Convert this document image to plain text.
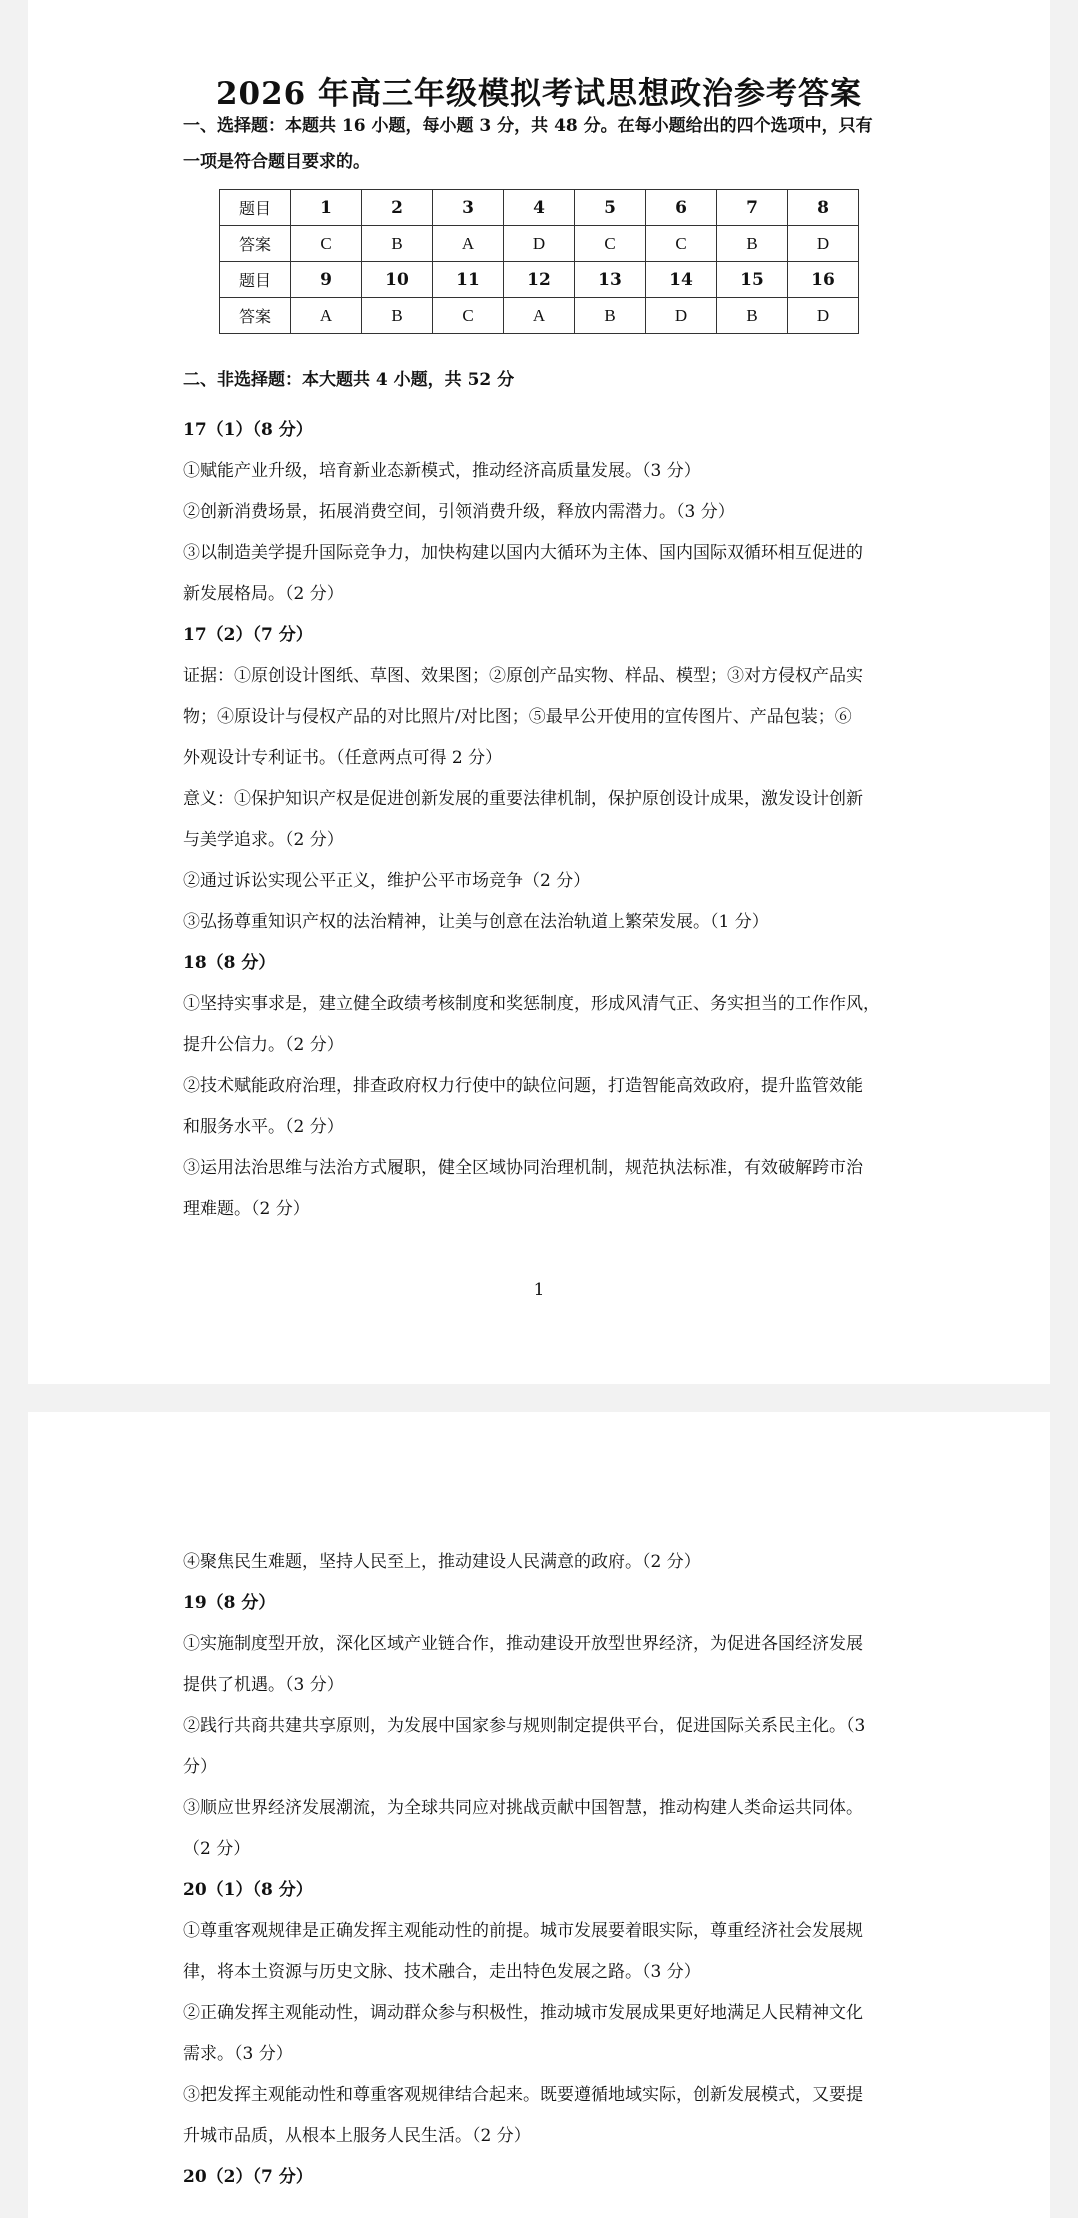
2026 年高三年级模拟考试思想政治参考答案
一、选择题：本题共 16 小题，每小题 3 分，共 48 分。在每小题给出的四个选项中，只有
一项是符合题目要求的。
题目	1	2	3	4	5	6	7	8
答案	C	B	A	D	C	C	B	D
题目	9	10	11	12	13	14	15	16
答案	A	B	C	A	B	D	B	D
二、非选择题：本大题共 4 小题，共 52 分
17（1）（8 分）
①赋能产业升级，培育新业态新模式，推动经济高质量发展。（3 分）
②创新消费场景，拓展消费空间，引领消费升级，释放内需潜力。（3 分）
③以制造美学提升国际竞争力，加快构建以国内大循环为主体、国内国际双循环相互促进的
新发展格局。（2 分）
17（2）（7 分）
证据：①原创设计图纸、草图、效果图；②原创产品实物、样品、模型；③对方侵权产品实
物；④原设计与侵权产品的对比照片/对比图；⑤最早公开使用的宣传图片、产品包装；⑥
外观设计专利证书。（任意两点可得 2 分）
意义：①保护知识产权是促进创新发展的重要法律机制，保护原创设计成果，激发设计创新
与美学追求。（2 分）
②通过诉讼实现公平正义，维护公平市场竞争（2 分）
③弘扬尊重知识产权的法治精神，让美与创意在法治轨道上繁荣发展。（1 分）
18（8 分）
①坚持实事求是，建立健全政绩考核制度和奖惩制度，形成风清气正、务实担当的工作作风，
提升公信力。（2 分）
②技术赋能政府治理，排查政府权力行使中的缺位问题，打造智能高效政府，提升监管效能
和服务水平。（2 分）
③运用法治思维与法治方式履职，健全区域协同治理机制，规范执法标准，有效破解跨市治
理难题。（2 分）
1
④聚焦民生难题，坚持人民至上，推动建设人民满意的政府。（2 分）
19（8 分）
①实施制度型开放，深化区域产业链合作，推动建设开放型世界经济，为促进各国经济发展
提供了机遇。（3 分）
②践行共商共建共享原则，为发展中国家参与规则制定提供平台，促进国际关系民主化。（3
分）
③顺应世界经济发展潮流，为全球共同应对挑战贡献中国智慧，推动构建人类命运共同体。
（2 分）
20（1）（8 分）
①尊重客观规律是正确发挥主观能动性的前提。城市发展要着眼实际，尊重经济社会发展规
律，将本土资源与历史文脉、技术融合，走出特色发展之路。（3 分）
②正确发挥主观能动性，调动群众参与积极性，推动城市发展成果更好地满足人民精神文化
需求。（3 分）
③把发挥主观能动性和尊重客观规律结合起来。既要遵循地域实际，创新发展模式，又要提
升城市品质，从根本上服务人民生活。（2 分）
20（2）（7 分）
